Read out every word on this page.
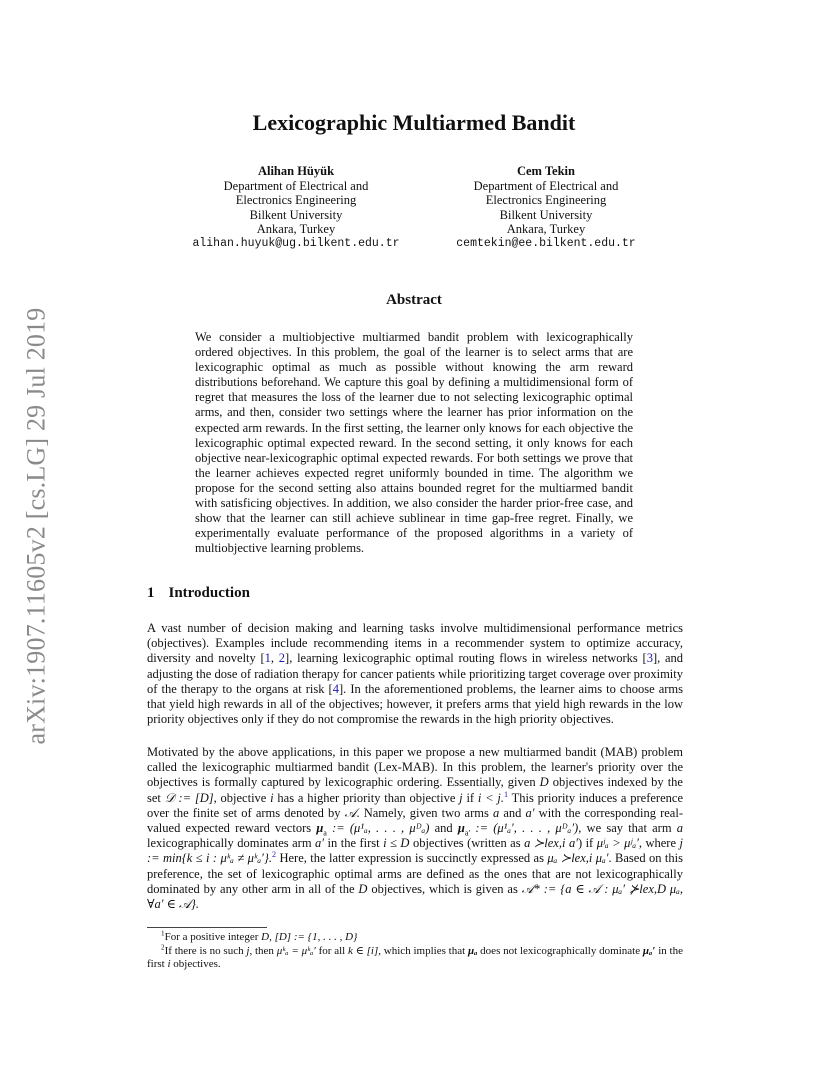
arXiv:1907.11605v2 [cs.LG] 29 Jul 2019
Lexicographic Multiarmed Bandit
Alihan Hüyük
Department of Electrical and
Electronics Engineering
Bilkent University
Ankara, Turkey
alihan.huyuk@ug.bilkent.edu.tr
Cem Tekin
Department of Electrical and
Electronics Engineering
Bilkent University
Ankara, Turkey
cemtekin@ee.bilkent.edu.tr
Abstract
We consider a multiobjective multiarmed bandit problem with lexicographically ordered objectives. In this problem, the goal of the learner is to select arms that are lexicographic optimal as much as possible without knowing the arm reward distributions beforehand. We capture this goal by defining a multidimensional form of regret that measures the loss of the learner due to not selecting lexicographic optimal arms, and then, consider two settings where the learner has prior information on the expected arm rewards. In the first setting, the learner only knows for each objective the lexicographic optimal expected reward. In the second setting, it only knows for each objective near-lexicographic optimal expected rewards. For both settings we prove that the learner achieves expected regret uniformly bounded in time. The algorithm we propose for the second setting also attains bounded regret for the multiarmed bandit with satisficing objectives. In addition, we also consider the harder prior-free case, and show that the learner can still achieve sublinear in time gap-free regret. Finally, we experimentally evaluate performance of the proposed algorithms in a variety of multiobjective learning problems.
1 Introduction
A vast number of decision making and learning tasks involve multidimensional performance metrics (objectives). Examples include recommending items in a recommender system to optimize accuracy, diversity and novelty [1, 2], learning lexicographic optimal routing flows in wireless networks [3], and adjusting the dose of radiation therapy for cancer patients while prioritizing target coverage over proximity of the therapy to the organs at risk [4]. In the aforementioned problems, the learner aims to choose arms that yield high rewards in all of the objectives; however, it prefers arms that yield high rewards in the low priority objectives only if they do not compromise the rewards in the high priority objectives.
Motivated by the above applications, in this paper we propose a new multiarmed bandit (MAB) problem called the lexicographic multiarmed bandit (Lex-MAB). In this problem, the learner's priority over the objectives is formally captured by lexicographic ordering. Essentially, given D objectives indexed by the set 𝒟 := [D], objective i has a higher priority than objective j if i < j.$^1$ This priority induces a preference over the finite set of arms denoted by 𝒜. Namely, given two arms a and a′ with the corresponding real-valued expected reward vectors $\mu_a$ := (μ¹ₐ, . . . , μᴰₐ) and $\mu_{a'}$ := (μ¹ₐ′, . . . , μᴰₐ′), we say that arm a lexicographically dominates arm a′ in the first i ≤ D objectives (written as a ≻lex,i a′) if μʲₐ > μʲₐ′, where j := min{k ≤ i : μᵏₐ ≠ μᵏₐ′}.$^2$ Here, the latter expression is succinctly expressed as μₐ ≻lex,i μₐ′. Based on this preference, the set of lexicographic optimal arms are defined as the ones that are not lexicographically dominated by any other arm in all of the D objectives, which is given as 𝒜* := {a ∈ 𝒜 : μₐ′ ⊁lex,D μₐ, ∀a′ ∈ 𝒜}.
$^1$For a positive integer D, [D] := {1, . . . , D}
$^2$If there is no such j, then μᵏₐ = μᵏₐ′ for all k ∈ [i], which implies that μₐ does not lexicographically dominate μₐ′ in the first i objectives.
